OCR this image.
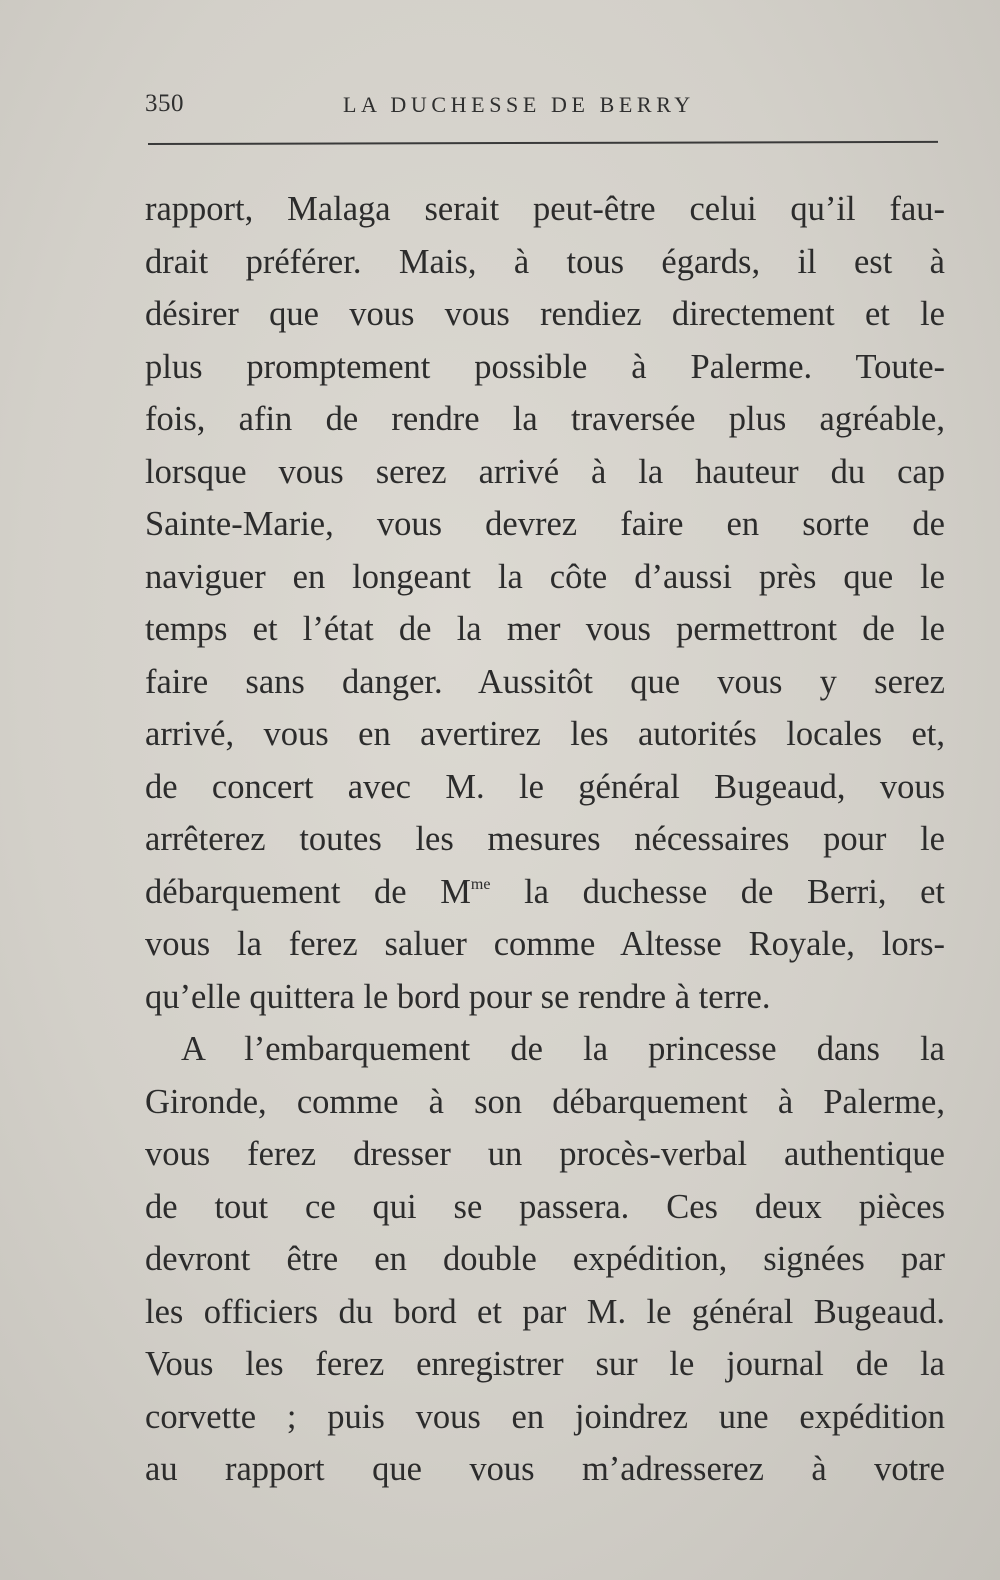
350	LA DUCHESSE DE BERRY
rapport, Malaga serait peut-être celui qu’il fau-
drait préférer. Mais, à tous égards, il est à
désirer que vous vous rendiez directement et le
plus promptement possible à Palerme. Toute-
fois, afin de rendre la traversée plus agréable,
lorsque vous serez arrivé à la hauteur du cap
Sainte-Marie, vous devrez faire en sorte de
naviguer en longeant la côte d’aussi près que le
temps et l’état de la mer vous permettront de le
faire sans danger. Aussitôt que vous y serez
arrivé, vous en avertirez les autorités locales et,
de concert avec M. le général Bugeaud, vous
arrêterez toutes les mesures nécessaires pour le
débarquement de $M^{me}$ la duchesse de Berri, et
vous la ferez saluer comme Altesse Royale, lors-
qu’elle quittera le bord pour se rendre à terre.
A l’embarquement de la princesse dans la
Gironde, comme à son débarquement à Palerme,
vous ferez dresser un procès-verbal authentique
de tout ce qui se passera. Ces deux pièces
devront être en double expédition, signées par
les officiers du bord et par M. le général Bugeaud.
Vous les ferez enregistrer sur le journal de la
corvette ; puis vous en joindrez une expédition
au rapport que vous m’adresserez à votre
